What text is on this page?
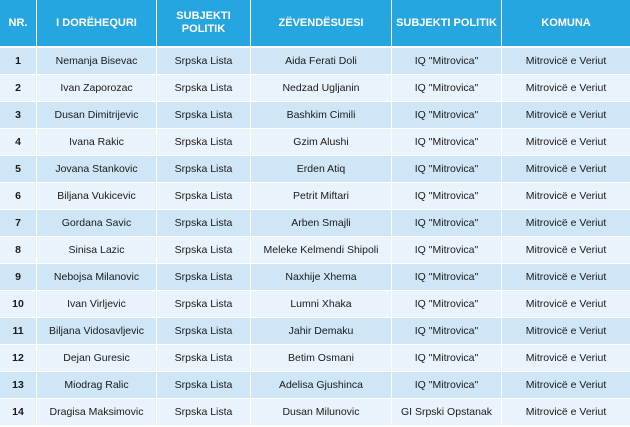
NR.	I DORËHEQURI	SUBJEKTI POLITIK	ZËVENDËSUESI	SUBJEKTI POLITIK	KOMUNA
1	Nemanja Bisevac	Srpska Lista	Aida Ferati Doli	IQ "Mitrovica"	Mitrovicë e Veriut
2	Ivan Zaporozac	Srpska Lista	Nedzad Ugljanin	IQ "Mitrovica"	Mitrovicë e Veriut
3	Dusan Dimitrijevic	Srpska Lista	Bashkim Cimili	IQ "Mitrovica"	Mitrovicë e Veriut
4	Ivana Rakic	Srpska Lista	Gzim Alushi	IQ "Mitrovica"	Mitrovicë e Veriut
5	Jovana Stankovic	Srpska Lista	Erden Atiq	IQ "Mitrovica"	Mitrovicë e Veriut
6	Biljana Vukicevic	Srpska Lista	Petrit Miftari	IQ "Mitrovica"	Mitrovicë e Veriut
7	Gordana Savic	Srpska Lista	Arben Smajli	IQ "Mitrovica"	Mitrovicë e Veriut
8	Sinisa Lazic	Srpska Lista	Meleke Kelmendi Shipoli	IQ "Mitrovica"	Mitrovicë e Veriut
9	Nebojsa Milanovic	Srpska Lista	Naxhije Xhema	IQ "Mitrovica"	Mitrovicë e Veriut
10	Ivan Virljevic	Srpska Lista	Lumni Xhaka	IQ "Mitrovica"	Mitrovicë e Veriut
11	Biljana Vidosavljevic	Srpska Lista	Jahir Demaku	IQ "Mitrovica"	Mitrovicë e Veriut
12	Dejan Guresic	Srpska Lista	Betim Osmani	IQ "Mitrovica"	Mitrovicë e Veriut
13	Miodrag Ralic	Srpska Lista	Adelisa Gjushinca	IQ "Mitrovica"	Mitrovicë e Veriut
14	Dragisa Maksimovic	Srpska Lista	Dusan Milunovic	GI Srpski Opstanak	Mitrovicë e Veriut
